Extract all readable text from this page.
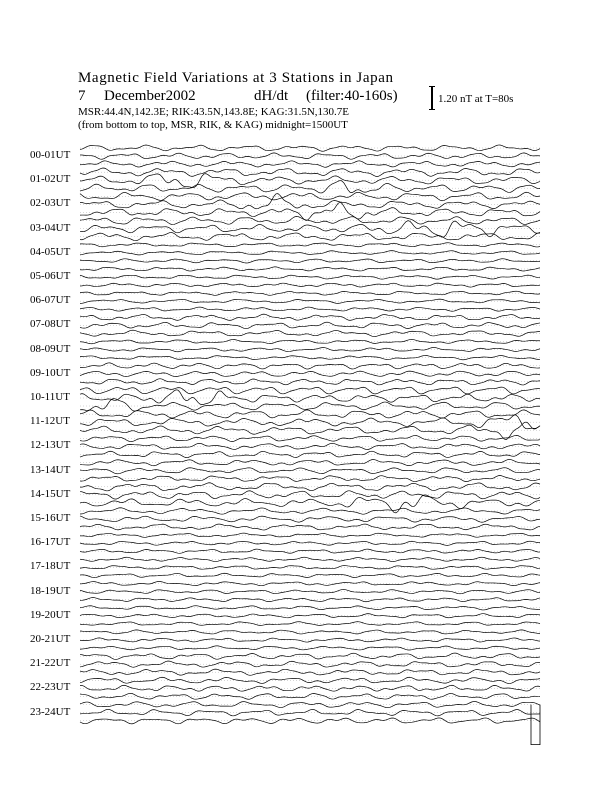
Magnetic Field Variations at 3 Stations in Japan
7 December2002	dH/dt (filter:40-160s)
MSR:44.4N,142.3E; RIK:43.5N,143.8E; KAG:31.5N,130.7E
(from bottom to top, MSR, RIK, & KAG) midnight=1500UT
1.20 nT at T=80s
00-01UT
01-02UT
02-03UT
03-04UT
04-05UT
05-06UT
06-07UT
07-08UT
08-09UT
09-10UT
10-11UT
11-12UT
12-13UT
13-14UT
14-15UT
15-16UT
16-17UT
17-18UT
18-19UT
19-20UT
20-21UT
21-22UT
22-23UT
23-24UT
